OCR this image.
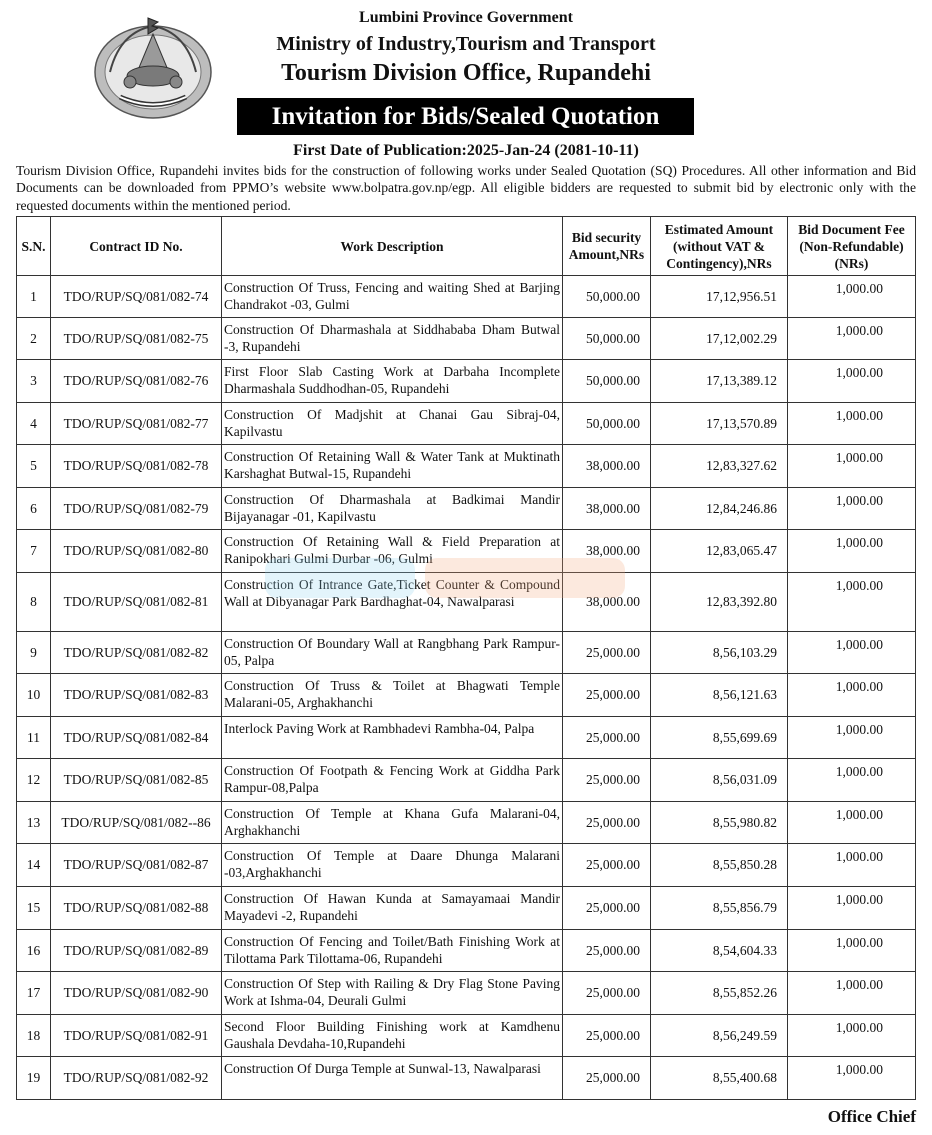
Lumbini Province Government
Ministry of Industry,Tourism and Transport
Tourism Division Office, Rupandehi
Invitation for Bids/Sealed Quotation
First Date of Publication:2025-Jan-24 (2081-10-11)
Tourism Division Office, Rupandehi invites bids for the construction of following works under Sealed Quotation (SQ) Procedures. All other information and Bid Documents can be downloaded from PPMO’s website www.bolpatra.gov.np/egp. All eligible bidders are requested to submit bid by electronic only with the requested documents within the mentioned period.
S.N.	Contract ID No.	Work Description	Bid security Amount,NRs	Estimated Amount (without VAT & Contingency),NRs	Bid Document Fee (Non-Refundable) (NRs)
1	TDO/RUP/SQ/081/082-74	Construction Of Truss, Fencing and waiting Shed at Barjing Chandrakot -03, Gulmi	50,000.00	17,12,956.51	1,000.00
2	TDO/RUP/SQ/081/082-75	Construction Of Dharmashala at Siddhababa Dham Butwal -3, Rupandehi	50,000.00	17,12,002.29	1,000.00
3	TDO/RUP/SQ/081/082-76	First Floor Slab Casting Work at Darbaha Incomplete Dharmashala Suddhodhan-05, Rupandehi	50,000.00	17,13,389.12	1,000.00
4	TDO/RUP/SQ/081/082-77	Construction Of Madjshit at Chanai Gau Sibraj-04, Kapilvastu	50,000.00	17,13,570.89	1,000.00
5	TDO/RUP/SQ/081/082-78	Construction Of Retaining Wall & Water Tank at Muktinath Karshaghat Butwal-15, Rupandehi	38,000.00	12,83,327.62	1,000.00
6	TDO/RUP/SQ/081/082-79	Construction Of Dharmashala at Badkimai Mandir Bijayanagar -01, Kapilvastu	38,000.00	12,84,246.86	1,000.00
7	TDO/RUP/SQ/081/082-80	Construction Of Retaining Wall & Field Preparation at Ranipokhari Gulmi Durbar -06, Gulmi	38,000.00	12,83,065.47	1,000.00
8	TDO/RUP/SQ/081/082-81	Construction Of Intrance Gate,Ticket Counter & Compound Wall at Dibyanagar Park Bardhaghat-04, Nawalparasi	38,000.00	12,83,392.80	1,000.00
9	TDO/RUP/SQ/081/082-82	Construction Of Boundary Wall at Rangbhang Park Rampur-05, Palpa	25,000.00	8,56,103.29	1,000.00
10	TDO/RUP/SQ/081/082-83	Construction Of Truss & Toilet at Bhagwati Temple Malarani-05, Arghakhanchi	25,000.00	8,56,121.63	1,000.00
11	TDO/RUP/SQ/081/082-84	Interlock Paving Work at Rambhadevi Rambha-04, Palpa	25,000.00	8,55,699.69	1,000.00
12	TDO/RUP/SQ/081/082-85	Construction Of Footpath & Fencing Work at Giddha Park Rampur-08,Palpa	25,000.00	8,56,031.09	1,000.00
13	TDO/RUP/SQ/081/082--86	Construction Of Temple at Khana Gufa Malarani-04, Arghakhanchi	25,000.00	8,55,980.82	1,000.00
14	TDO/RUP/SQ/081/082-87	Construction Of Temple at Daare Dhunga Malarani -03,Arghakhanchi	25,000.00	8,55,850.28	1,000.00
15	TDO/RUP/SQ/081/082-88	Construction Of Hawan Kunda at Samayamaai Mandir Mayadevi -2, Rupandehi	25,000.00	8,55,856.79	1,000.00
16	TDO/RUP/SQ/081/082-89	Construction Of Fencing and Toilet/Bath Finishing Work at Tilottama Park Tilottama-06, Rupandehi	25,000.00	8,54,604.33	1,000.00
17	TDO/RUP/SQ/081/082-90	Construction Of Step with Railing & Dry Flag Stone Paving Work at Ishma-04, Deurali Gulmi	25,000.00	8,55,852.26	1,000.00
18	TDO/RUP/SQ/081/082-91	Second Floor Building Finishing work at Kamdhenu Gaushala Devdaha-10,Rupandehi	25,000.00	8,56,249.59	1,000.00
19	TDO/RUP/SQ/081/082-92	Construction Of Durga Temple at Sunwal-13, Nawalparasi	25,000.00	8,55,400.68	1,000.00
Office Chief
